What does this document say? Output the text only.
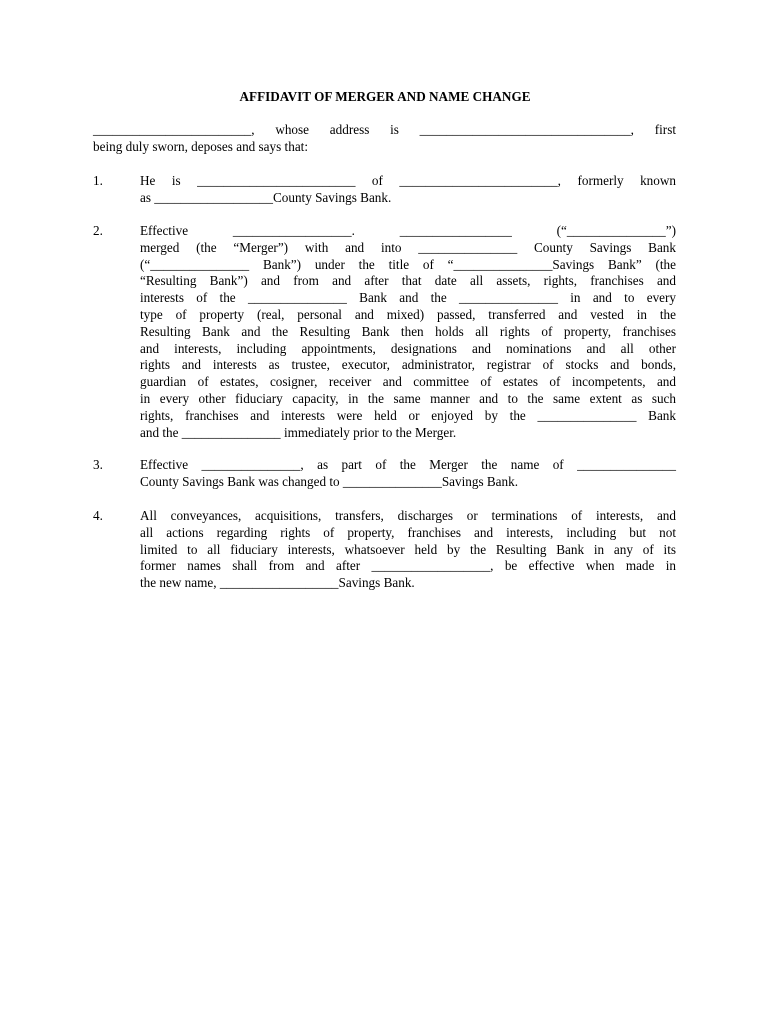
AFFIDAVIT OF MERGER AND NAME CHANGE
________________________, whose address is ________________________________, first
being duly sworn, deposes and says that:
1.	He is ________________________ of ________________________, formerly known
as __________________County Savings Bank.
2.	Effective __________________. _________________ (“_______________”)
merged (the “Merger”) with and into _______________ County Savings Bank
(“_______________ Bank”) under the title of “_______________Savings Bank” (the
“Resulting Bank”) and from and after that date all assets, rights, franchises and
interests of the _______________ Bank and the _______________ in and to every
type of property (real, personal and mixed) passed, transferred and vested in the
Resulting Bank and the Resulting Bank then holds all rights of property, franchises
and interests, including appointments, designations and nominations and all other
rights and interests as trustee, executor, administrator, registrar of stocks and bonds,
guardian of estates, cosigner, receiver and committee of estates of incompetents, and
in every other fiduciary capacity, in the same manner and to the same extent as such
rights, franchises and interests were held or enjoyed by the _______________ Bank
and the _______________ immediately prior to the Merger.
3.	Effective _______________, as part of the Merger the name of _______________
County Savings Bank was changed to _______________Savings Bank.
4.	All conveyances, acquisitions, transfers, discharges or terminations of interests, and
all actions regarding rights of property, franchises and interests, including but not
limited to all fiduciary interests, whatsoever held by the Resulting Bank in any of its
former names shall from and after __________________, be effective when made in
the new name, __________________Savings Bank.
